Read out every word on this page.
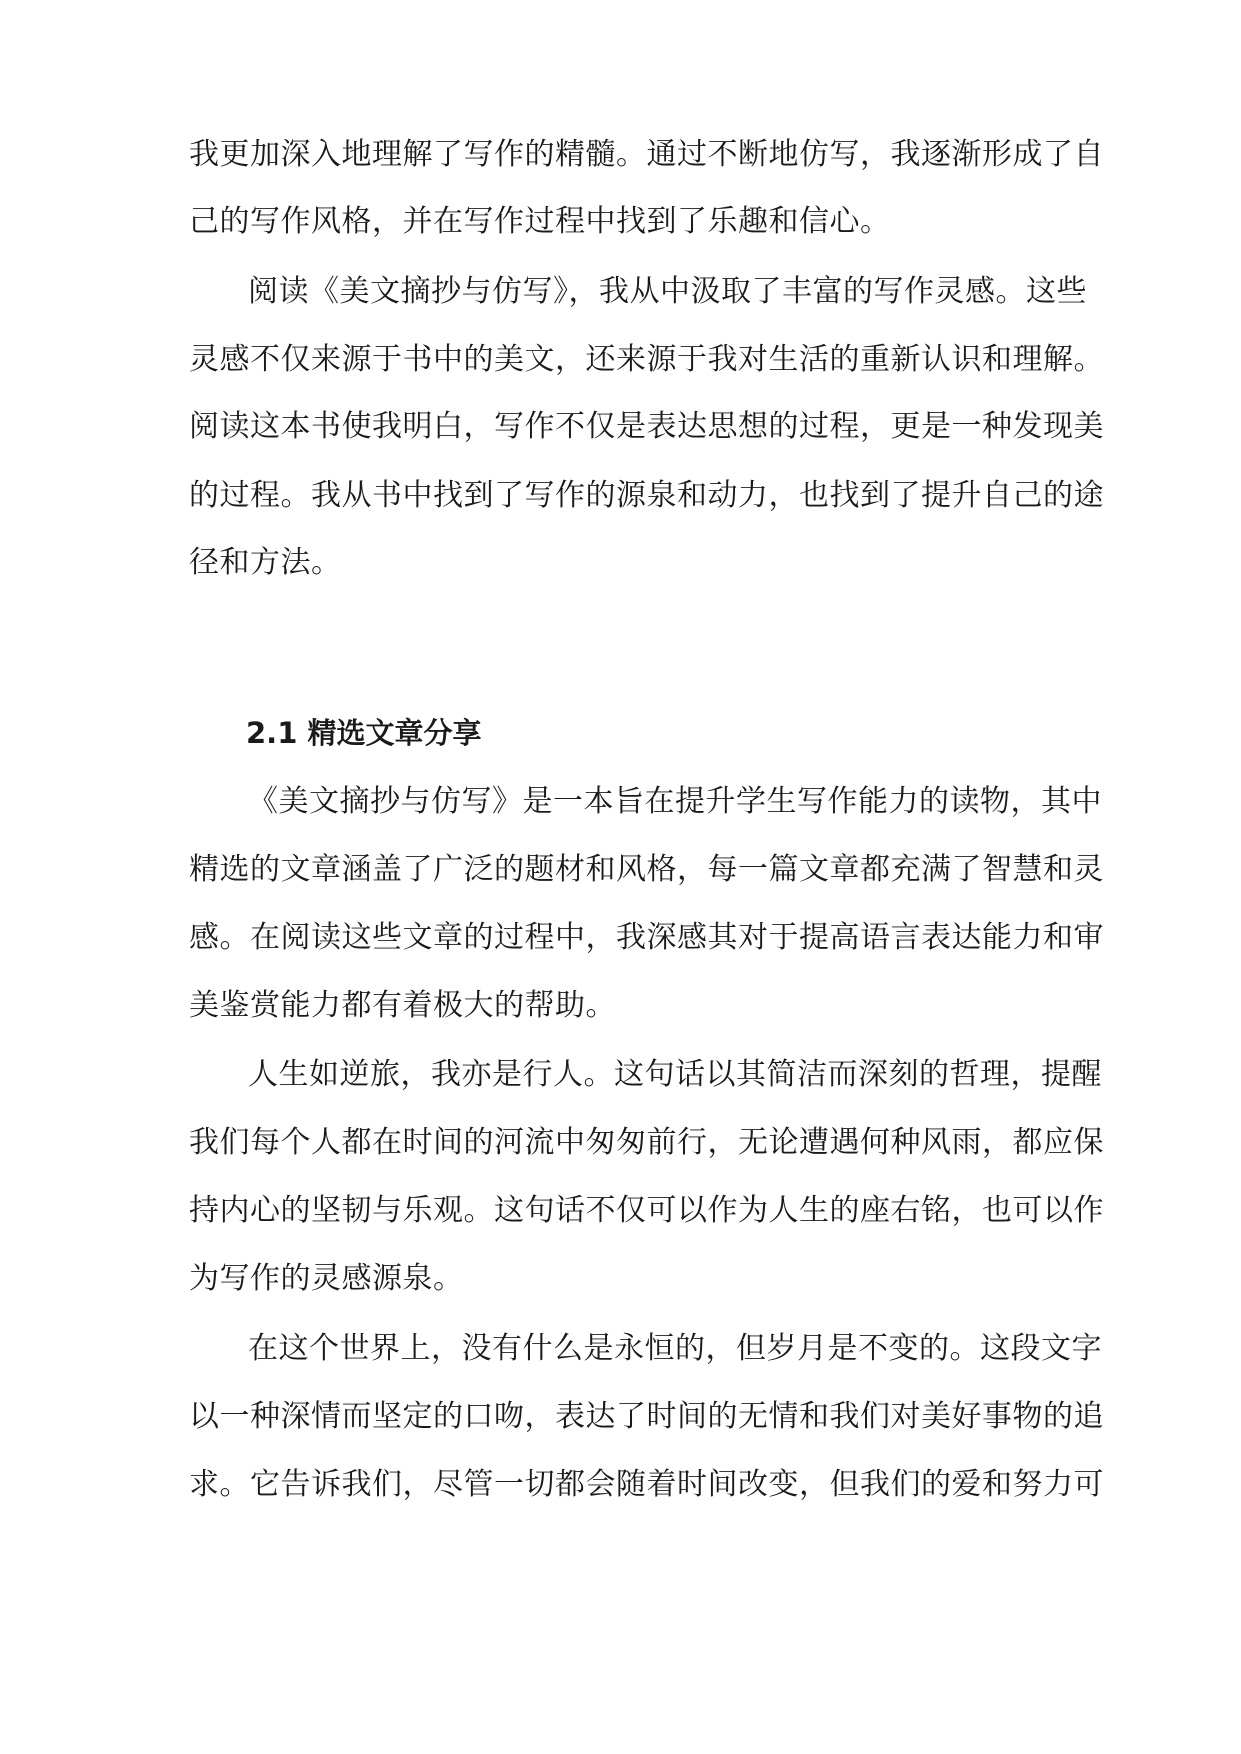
我更加深入地理解了写作的精髓。通过不断地仿写，我逐渐形成了自
己的写作风格，并在写作过程中找到了乐趣和信心。
阅读《美文摘抄与仿写》，我从中汲取了丰富的写作灵感。这些
灵感不仅来源于书中的美文，还来源于我对生活的重新认识和理解。
阅读这本书使我明白，写作不仅是表达思想的过程，更是一种发现美
的过程。我从书中找到了写作的源泉和动力，也找到了提升自己的途
径和方法。
2.1 精选文章分享
《美文摘抄与仿写》是一本旨在提升学生写作能力的读物，其中
精选的文章涵盖了广泛的题材和风格，每一篇文章都充满了智慧和灵
感。在阅读这些文章的过程中，我深感其对于提高语言表达能力和审
美鉴赏能力都有着极大的帮助。
人生如逆旅，我亦是行人。这句话以其简洁而深刻的哲理，提醒
我们每个人都在时间的河流中匆匆前行，无论遭遇何种风雨，都应保
持内心的坚韧与乐观。这句话不仅可以作为人生的座右铭，也可以作
为写作的灵感源泉。
在这个世界上，没有什么是永恒的，但岁月是不变的。这段文字
以一种深情而坚定的口吻，表达了时间的无情和我们对美好事物的追
求。它告诉我们，尽管一切都会随着时间改变，但我们的爱和努力可
